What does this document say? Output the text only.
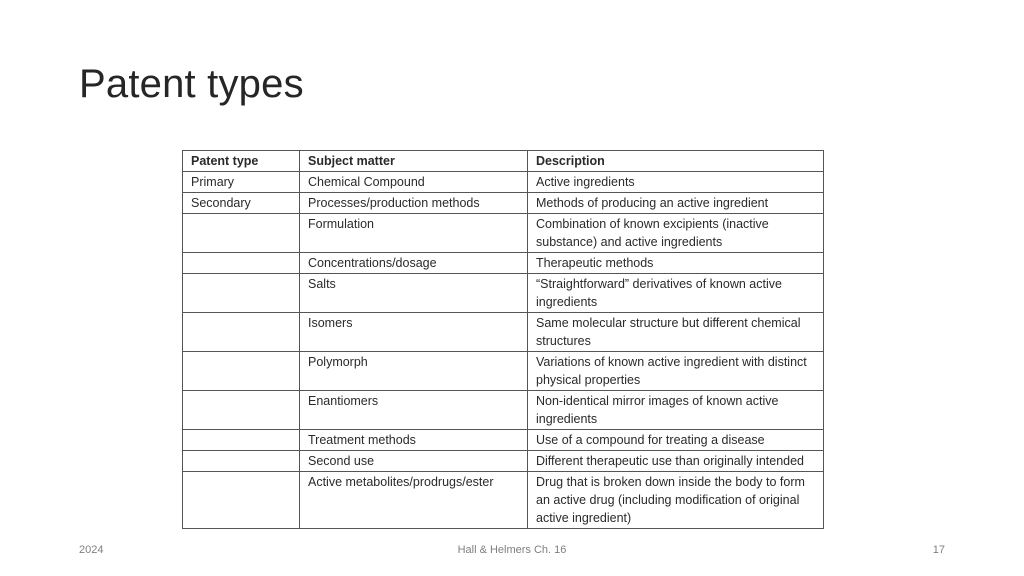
Patent types
Patent type	Subject matter	Description
Primary	Chemical Compound	Active ingredients
Secondary	Processes/production methods	Methods of producing an active ingredient
	Formulation	Combination of known excipients (inactive substance) and active ingredients
	Concentrations/dosage	Therapeutic methods
	Salts	“Straightforward” derivatives of known active ingredients
	Isomers	Same molecular structure but different chemical structures
	Polymorph	Variations of known active ingredient with distinct physical properties
	Enantiomers	Non-identical mirror images of known active ingredients
	Treatment methods	Use of a compound for treating a disease
	Second use	Different therapeutic use than originally intended
	Active metabolites/prodrugs/ester	Drug that is broken down inside the body to form an active drug (including modification of original active ingredient)
2024	Hall & Helmers Ch. 16	17
